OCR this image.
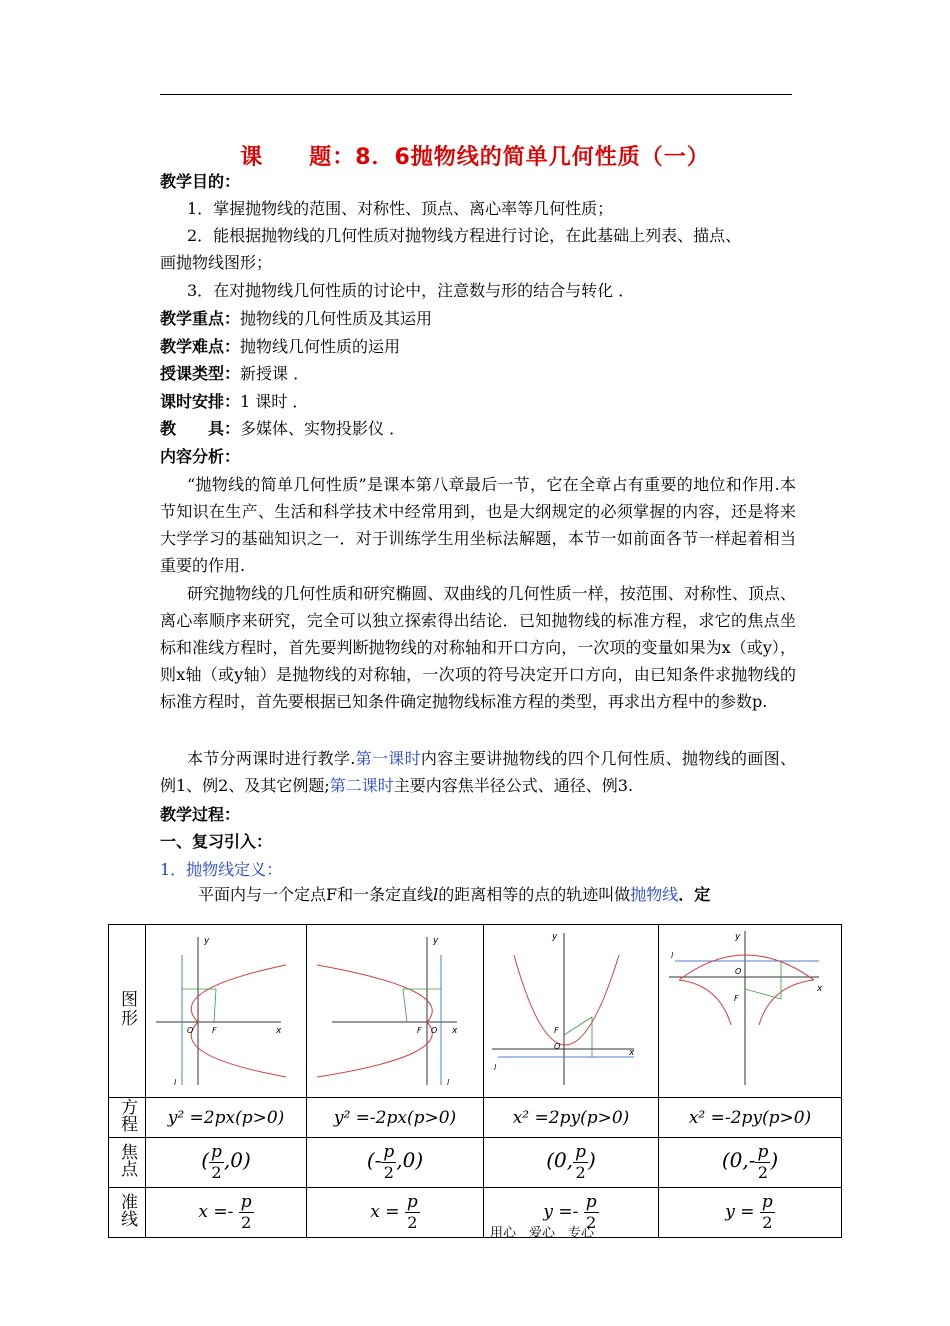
课 题：8．6抛物线的简单几何性质（一）
教学目的：
1．掌握抛物线的范围、对称性、顶点、离心率等几何性质；
2．能根据抛物线的几何性质对抛物线方程进行讨论，在此基础上列表、描点、
画抛物线图形；
3．在对抛物线几何性质的讨论中，注意数与形的结合与转化 ．
教学重点：抛物线的几何性质及其运用
教学难点：抛物线几何性质的运用
授课类型：新授课 ．
课时安排：1 课时 ．
教　　具：多媒体、实物投影仪 ．
内容分析：
“抛物线的简单几何性质”是课本第八章最后一节，它在全章占有重要的地位和作用.本节知识在生产、生活和科学技术中经常用到，也是大纲规定的必须掌握的内容，还是将来大学学习的基础知识之一．对于训练学生用坐标法解题，本节一如前面各节一样起着相当重要的作用.
研究抛物线的几何性质和研究椭圆、双曲线的几何性质一样，按范围、对称性、顶点、离心率顺序来研究，完全可以独立探索得出结论．已知抛物线的标准方程，求它的焦点坐标和准线方程时，首先要判断抛物线的对称轴和开口方向，一次项的变量如果为x（或y），则x轴（或y轴）是抛物线的对称轴，一次项的符号决定开口方向，由已知条件求抛物线的标准方程时，首先要根据已知条件确定抛物线标准方程的类型，再求出方程中的参数p.
本节分两课时进行教学.第一课时内容主要讲抛物线的四个几何性质、抛物线的画图、例1、例2、及其它例题;第二课时主要内容焦半径公式、通径、例3.
教学过程：
一、复习引入：
1．抛物线定义：
平面内与一个定点F和一条定直线l的距离相等的点的轨迹叫做抛物线．定
图形	y
x
O F
l	y
x
F O
l	y
x
O
F
l	y
x
O
F
l

方程	y² =2px(p>0)	y² =-2px(p>0)	x² =2py(p>0)	x² =-2py(p>0)
焦点	( $\frac{p}{2} ,0$)	(- $\frac{p}{2} ,0$)	(0, $\frac{p}{2}$ )	($0,- \frac{p}{2}$ )
准线	$x =- \frac{p}{2}$	$x = \frac{p}{2}$	$y =- \frac{p}{2}$	$y = \frac{p}{2}$
用心　爱心　专心
